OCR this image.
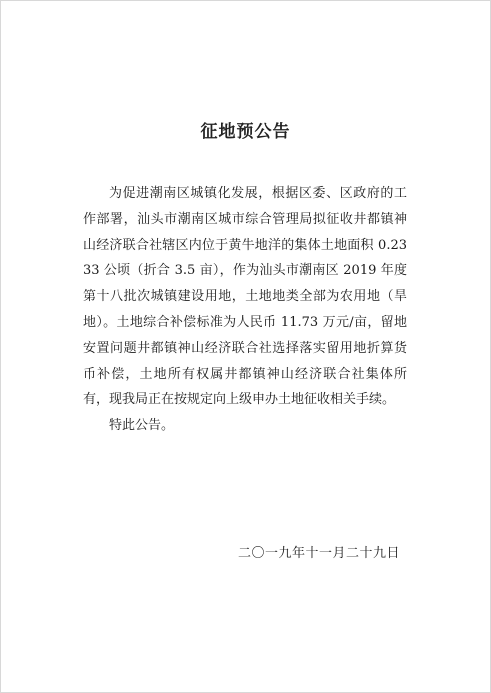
征地预公告

为促进潮南区城镇化发展，根据区委、区政府的工作部署，汕头市潮南区城市综合管理局拟征收井都镇神山经济联合社辖区内位于黄牛地洋的集体土地面积 0.2333 公顷（折合 3.5 亩），作为汕头市潮南区 2019 年度第十八批次城镇建设用地，土地地类全部为农用地（旱地）。土地综合补偿标准为人民币 11.73 万元/亩，留地安置问题井都镇神山经济联合社选择落实留用地折算货币补偿，土地所有权属井都镇神山经济联合社集体所有，现我局正在按规定向上级申办土地征收相关手续。

特此公告。

二〇一九年十一月二十九日
